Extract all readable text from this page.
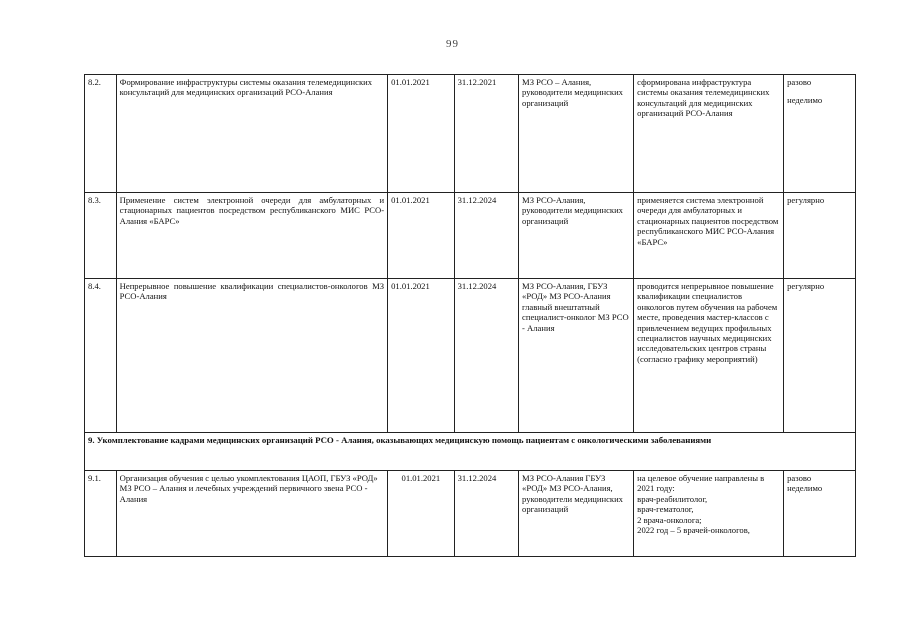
99
8.2.	Формирование инфраструктуры системы оказания телемедицинских консультаций для медицинских организаций РСО-Алания	01.01.2021	31.12.2021	МЗ РСО – Алания, руководители медицинских организаций	сформирована инфраструктура системы оказания телемедицинских консультаций для медицинских организаций РСО-Алания	разово
неделимо

8.3.	Применение систем электронной очереди для амбулаторных и стационарных пациентов посредством республиканского МИС РСО-Алания «БАРС»	01.01.2021	31.12.2024	МЗ РСО-Алания, руководители медицинских организаций	применяется система электронной очереди для амбулаторных и стационарных пациентов посредством республиканского МИС РСО-Алания «БАРС»	регулярно
8.4.	Непрерывное повышение квалификации специалистов-онкологов МЗ РСО-Алания	01.01.2021	31.12.2024	МЗ РСО-Алания, ГБУЗ «РОД» МЗ РСО-Алания главный внештатный специалист-онколог МЗ РСО - Алания	проводится непрерывное повышение квалификации специалистов онкологов путем обучения на рабочем месте, проведения мастер-классов с привлечением ведущих профильных специалистов научных медицинских исследовательских центров страны (согласно графику мероприятий)	регулярно
9. Укомплектование кадрами медицинских организаций РСО - Алания, оказывающих медицинскую помощь пациентам с онкологическими заболеваниями						
9.1.	Организация обучения с целью укомплектования ЦАОП, ГБУЗ «РОД» МЗ РСО – Алания и лечебных учреждений первичного звена РСО - Алания	01.01.2021	31.12.2024	МЗ РСО-Алания ГБУЗ «РОД» МЗ РСО-Алания, руководители медицинских организаций	на целевое обучение направлены в 2021 году:
врач-реабилитолог,
врач-гематолог,
2 врача-онколога;
2022 год – 5 врачей-онкологов,	разово
неделимо
